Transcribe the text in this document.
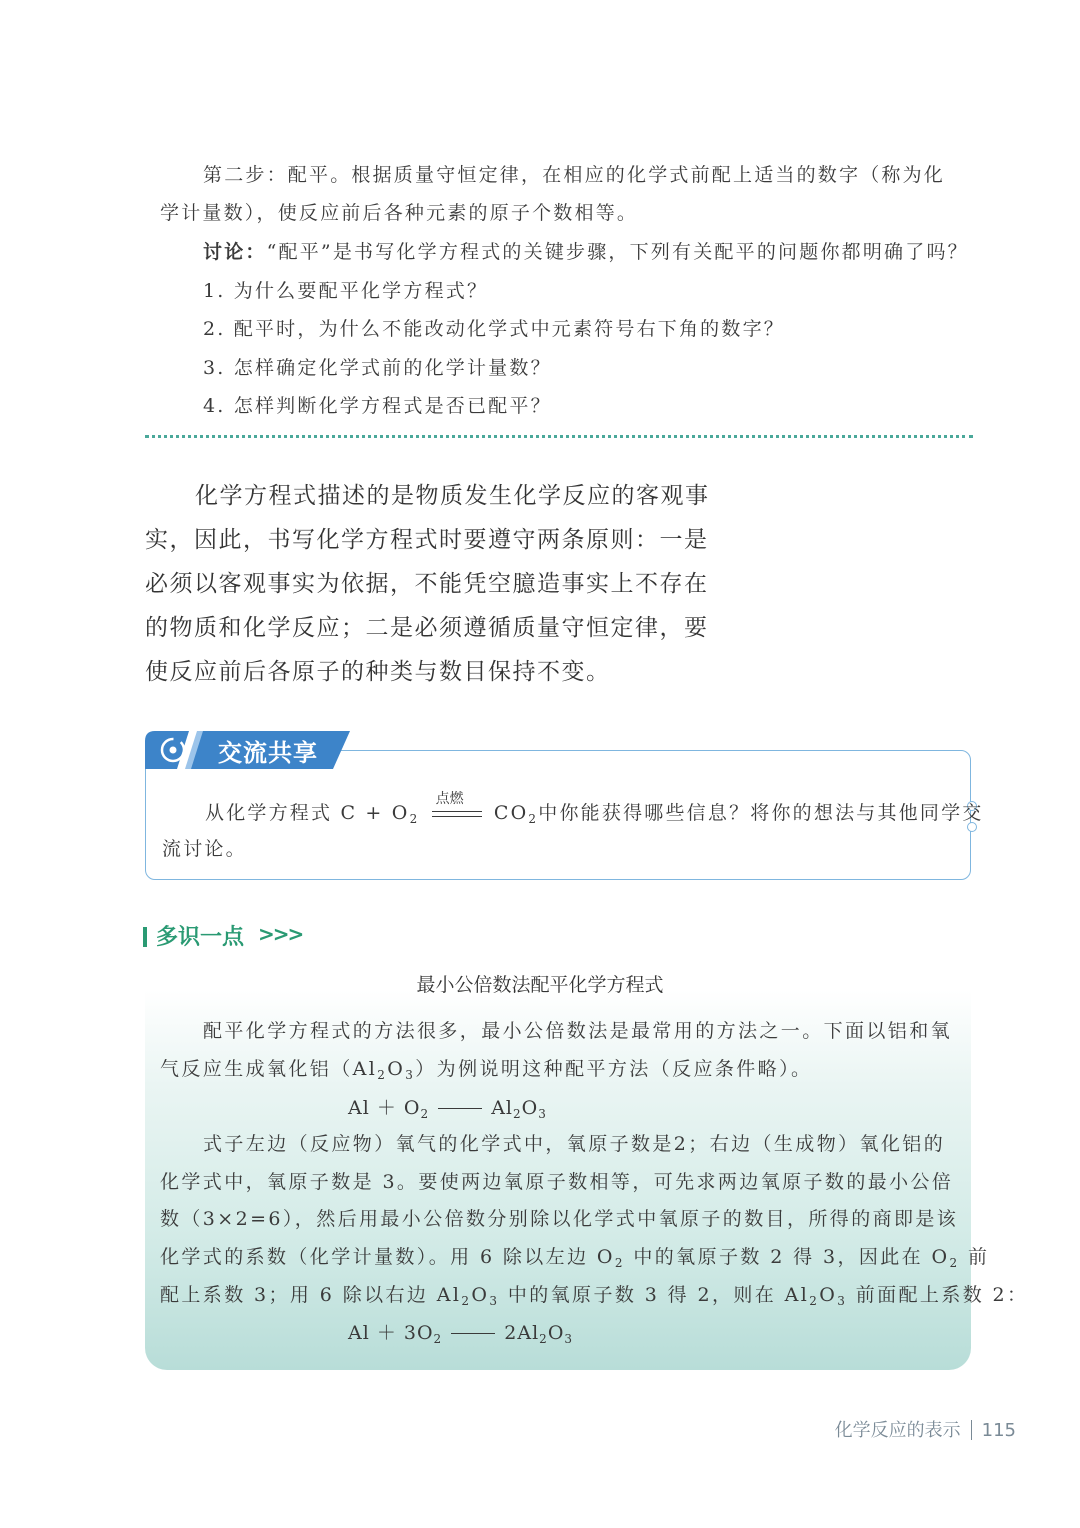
第二步：配平。根据质量守恒定律，在相应的化学式前配上适当的数字（称为化
学计量数），使反应前后各种元素的原子个数相等。
讨论：“配平”是书写化学方程式的关键步骤，下列有关配平的问题你都明确了吗？
1. 为什么要配平化学方程式？
2. 配平时，为什么不能改动化学式中元素符号右下角的数字？
3. 怎样确定化学式前的化学计量数？
4. 怎样判断化学方程式是否已配平？
化学方程式描述的是物质发生化学反应的客观事
实，因此，书写化学方程式时要遵守两条原则：一是
必须以客观事实为依据，不能凭空臆造事实上不存在
的物质和化学反应；二是必须遵循质量守恒定律，要
使反应前后各原子的种类与数目保持不变。
交流共享
从化学方程式 $C + O_2$
点燃
$CO_2$中你能获得哪些信息？将你的想法与其他同学交
流讨论。
多识一点 >>>
最小公倍数法配平化学方程式
配平化学方程式的方法很多，最小公倍数法是最常用的方法之一。下面以铝和氧
气反应生成氧化铝$(Al_2O_3)$为例说明这种配平方法（反应条件略）。
$Al + O_2$	$Al_2O_3$
式子左边（反应物）氧气的化学式中，氧原子数是2；右边（生成物）氧化铝的
化学式中，氧原子数是 3。要使两边氧原子数相等，可先求两边氧原子数的最小公倍
数（3×2=6），然后用最小公倍数分别除以化学式中氧原子的数目，所得的商即是该
化学式的系数（化学计量数）。用 6 除以左边 $O_2$ 中的氧原子数 2 得 3，因此在 $O_2$ 前
配上系数 3；用 6 除以右边 $Al_2O_3$ 中的氧原子数 3 得 2，则在 $Al_2O_3$ 前面配上系数 2：
$Al + 3O_2$	$2Al_2O_3$
化学反应的表示 115
